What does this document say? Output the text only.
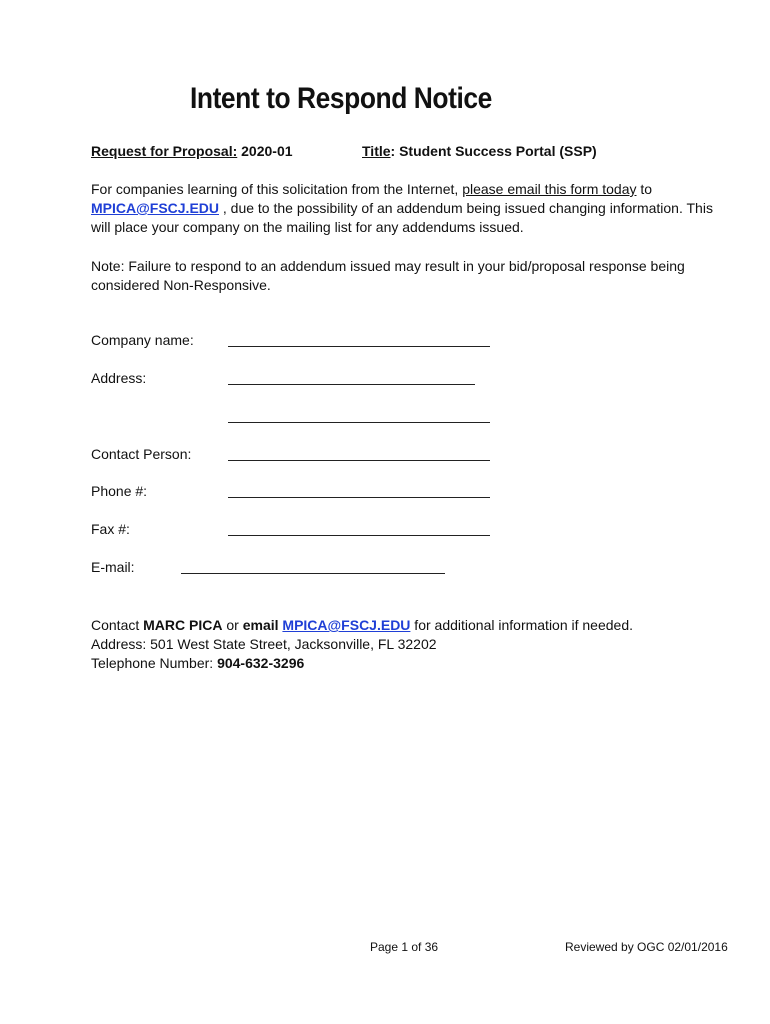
Intent to Respond Notice
Request for Proposal: 2020-01	Title: Student Success Portal (SSP)
For companies learning of this solicitation from the Internet, please email this form today to
MPICA@FSCJ.EDU , due to the possibility of an addendum being issued changing information. This
will place your company on the mailing list for any addendums issued.
Note: Failure to respond to an addendum issued may result in your bid/proposal response being
considered Non-Responsive.
Company name:
Address:
Contact Person:
Phone #:
Fax #:
E-mail:
Contact MARC PICA or email MPICA@FSCJ.EDU for additional information if needed.
Address: 501 West State Street, Jacksonville, FL 32202
Telephone Number: 904-632-3296
Page 1 of 36	Reviewed by OGC 02/01/2016
